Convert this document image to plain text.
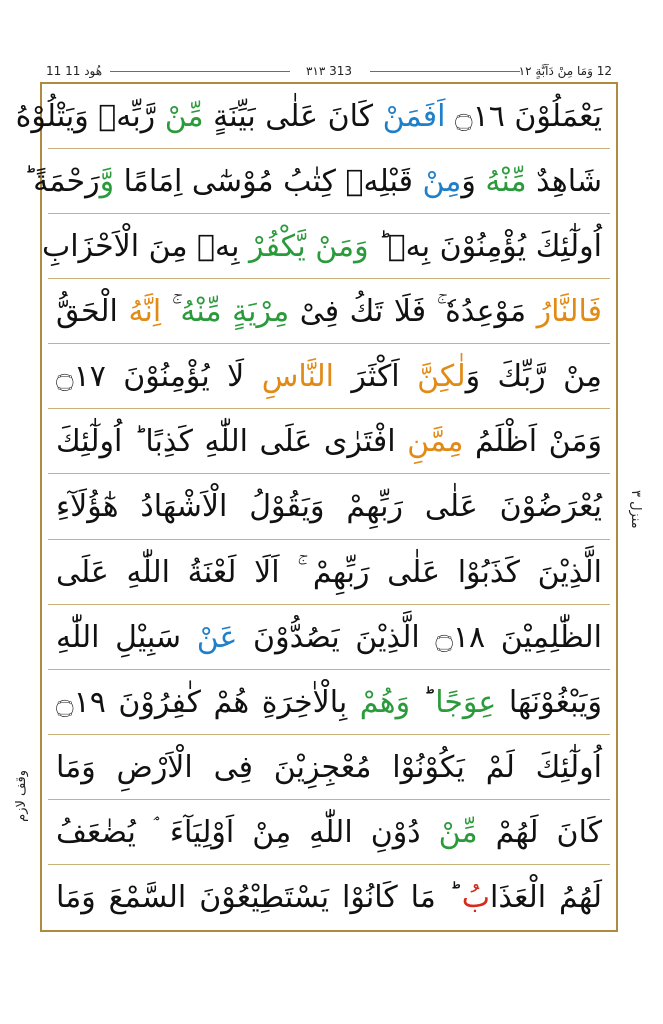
11 هُود 11	٣١٣ 313	12 وَمَا مِنْ دَآبَّةٍ ١٢
يَعْمَلُوْنَ ۝١٦ اَفَمَنْ كَانَ عَلٰى بَيِّنَةٍ مِّنْ رَّبِّهٖ وَيَتْلُوْهُ
شَاهِدٌ مِّنْهُ وَمِنْ قَبْلِهٖ كِتٰبُ مُوْسٰٓى اِمَامًا وَّرَحْمَةً ؕ
اُولٰٓئِكَ يُؤْمِنُوْنَ بِهٖ ؕ وَمَنْ يَّكْفُرْ بِهٖ مِنَ الْاَحْزَابِ
فَالنَّارُ مَوْعِدُهٗ ۚ فَلَا تَكُ فِىْ مِرْيَةٍ مِّنْهُ ۚ اِنَّهُ الْحَقُّ
مِنْ رَّبِّكَ وَلٰكِنَّ اَكْثَرَ النَّاسِ لَا يُؤْمِنُوْنَ ۝١٧
وَمَنْ اَظْلَمُ مِمَّنِ افْتَرٰى عَلَى اللّٰهِ كَذِبًا ؕ اُولٰٓئِكَ
يُعْرَضُوْنَ عَلٰى رَبِّهِمْ وَيَقُوْلُ الْاَشْهَادُ هٰٓؤُلَآءِ
الَّذِيْنَ كَذَبُوْا عَلٰى رَبِّهِمْ ۚ اَلَا لَعْنَةُ اللّٰهِ عَلَى
الظّٰلِمِيْنَ ۝١٨ الَّذِيْنَ يَصُدُّوْنَ عَنْ سَبِيْلِ اللّٰهِ
وَيَبْغُوْنَهَا عِوَجًا ؕ وَهُمْ بِالْاٰخِرَةِ هُمْ كٰفِرُوْنَ ۝١٩
اُولٰٓئِكَ لَمْ يَكُوْنُوْا مُعْجِزِيْنَ فِى الْاَرْضِ وَمَا
كَانَ لَهُمْ مِّنْ دُوْنِ اللّٰهِ مِنْ اَوْلِيَآءَ ۘ يُضٰعَفُ
لَهُمُ الْعَذَابُ ؕ مَا كَانُوْا يَسْتَطِيْعُوْنَ السَّمْعَ وَمَا
منزل ٣
وقف لازم
